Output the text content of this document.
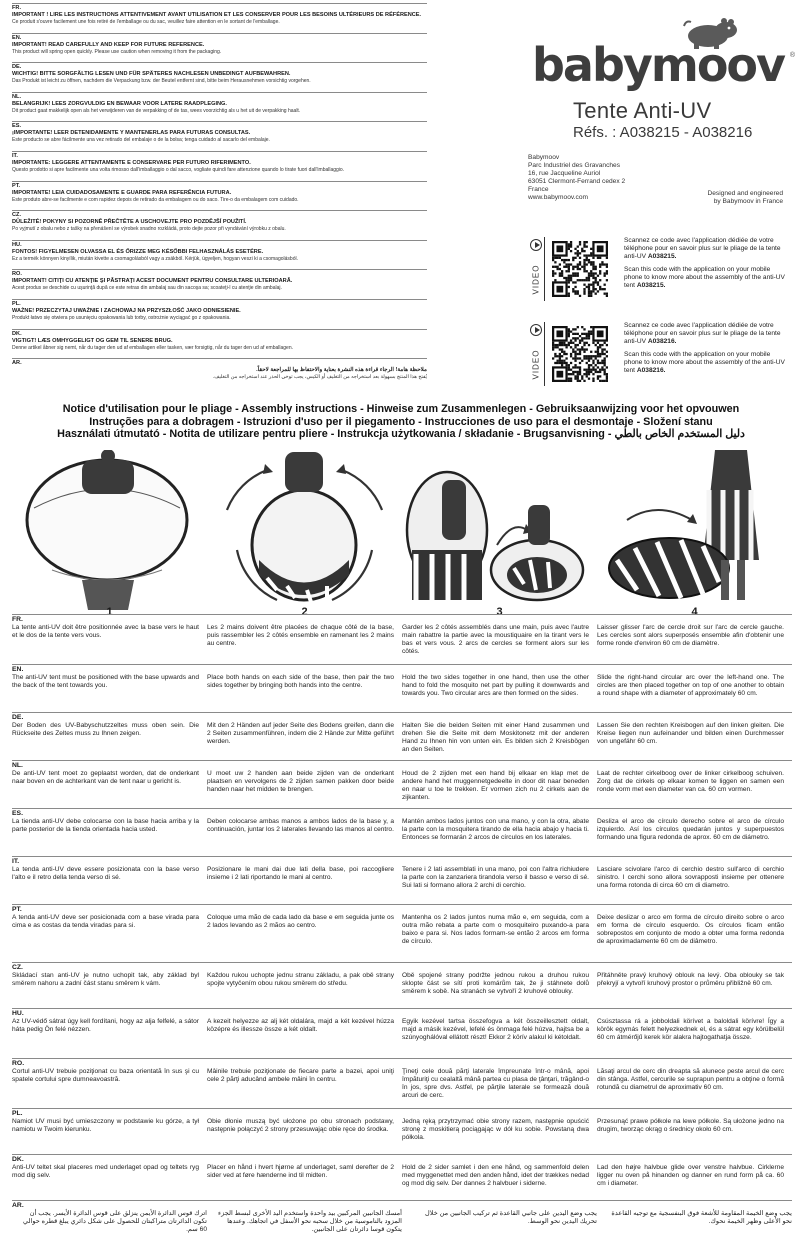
FR.
IMPORTANT ! LIRE LES INSTRUCTIONS ATTENTIVEMENT AVANT UTILISATION ET LES CONSERVER POUR LES BESOINS ULTÉRIEURS DE RÉFÉRENCE.
Ce produit s'ouvre facilement une fois retiré de l'emballage ou du sac, veuillez faire attention en le sortant de l'emballage.
EN.
IMPORTANT! READ CAREFULLY AND KEEP FOR FUTURE REFERENCE.
This product will spring open quickly. Please use caution when removing it from the packaging.
DE.
WICHTIG! BITTE SORGFÄLTIG LESEN UND FÜR SPÄTERES NACHLESEN UNBEDINGT AUFBEWAHREN.
Das Produkt ist leicht zu öffnen, nachdem die Verpackung bzw. der Beutel entfernt sind, bitte beim Herausnehmen vorsichtig vorgehen.
NL.
BELANGRIJK! LEES ZORGVULDIG EN BEWAAR VOOR LATERE RAADPLEGING.
Dit product gaat makkelijk open als het verwijderen van de verpakking of de tas, wees voorzichtig als u het uit de verpakking haalt.
ES.
¡IMPORTANTE! LEER DETENIDAMENTE Y MANTENERLAS PARA FUTURAS CONSULTAS.
Este producto se abre fácilmente una vez retirado del embalaje o de la bolsa; tenga cuidado al sacarlo del embalaje.
IT.
IMPORTANTE: LEGGERE ATTENTAMENTE E CONSERVARE PER FUTURO RIFERIMENTO.
Questo prodotto si apre facilmente una volta rimosso dall'imballaggio o dal sacco, vogliate quindi fare attenzione quando lo tirate fuori dall'imballaggio.
PT.
IMPORTANTE! LEIA CUIDADOSAMENTE E GUARDE PARA REFERÊNCIA FUTURA.
Este produto abre-se facilmente e com rapidez depois de retirado da embalagem ou do saco. Tire-o da embalagem com cuidado.
CZ.
DŮLEŽITÉ! POKYNY SI POZORNĚ PŘEČTĚTE A USCHOVEJTE PRO POZDĚJŠÍ POUŽITÍ.
Po vyjmutí z obalu nebo z tašky na přenášení se výrobek snadno rozkládá, proto dejte pozor při vyndávání výrobku z obalu.
HU.
FONTOS! FIGYELMESEN OLVASSA EL ÉS ŐRIZZE MEG KÉSŐBBI FELHASZNÁLÁS ESETÉRE.
Ez a termék könnyen kinyílik, miután kivette a csomagolásból vagy a zsákból. Kérjük, ügyeljen, hogyan veszi ki a csomagolásból.
RO.
IMPORTANT! CITIŢI CU ATENŢIE ŞI PĂSTRAŢI ACEST DOCUMENT PENTRU CONSULTARE ULTERIOARĂ.
Acest produs se deschide cu uşurinţă după ce este retras din ambalaj sau din sacoşa sa; scoateţi-l cu atenţie din ambalaj.
PL.
WAŻNE! PRZECZYTAJ UWAŻNIE I ZACHOWAJ NA PRZYSZŁOŚĆ JAKO ODNIESIENIE.
Produkt łatwo się otwiera po usunięciu opakowania lub torby, ostrożnie wyciągać go z opakowania.
DK.
VIGTIGT! LÆS OMHYGGELIGT OG GEM TIL SENERE BRUG.
Denne artikel åbner sig nemt, når du tager den ud af emballagen eller tasken, vær forsigtig, når du tager den ud af emballagen.
AR.
ملاحظة هامة! الرجاء قراءة هذه النشرة بعناية والاحتفاظ بها للمراجعة لاحقاً.
يُفتح هذا المنتج بسهولة بعد استخراجه من التغليف أو الكيس، يجب توخي الحذر عند استخراجه من التغليف.
babymoov ®
Tente Anti-UV
Réfs. : A038215 - A038216
Babymoov
Parc Industriel des Gravanches
16, rue Jacqueline Auriol
63051 Clermont-Ferrand cedex 2
France
www.babymoov.com
Designed and engineered
by Babymoov in France
VIDEO

Scannez ce code avec l'application dédiée de votre téléphone pour en savoir plus sur le pliage de la tente anti-UV A038215.

Scan this code with the application on your mobile phone to know more about the assembly of the anti-UV tent A038215.

VIDEO

Scannez ce code avec l'application dédiée de votre téléphone pour en savoir plus sur le pliage de la tente anti-UV A038216.

Scan this code with the application on your mobile phone to know more about the assembly of the anti-UV tent A038216.

Notice d'utilisation pour le pliage - Assembly instructions - Hinweise zum Zusammenlegen - Gebruiksaanwijzing voor het opvouwen
Instruções para a dobragem - Istruzioni d'uso per il piegamento - Instrucciones de uso para el desmontaje - Složení stanu
Használati útmutató - Notita de utilizare pentru pliere - Instrukcja użytkowania / składanie - Brugsanvisning - دليل المستخدم الخاص بالطي
1	2	3	4
FR.
La tente anti-UV doit être positionnée avec la base vers le haut et le dos de la tente vers vous.
Les 2 mains doivent être placées de chaque côté de la base, puis rassembler les 2 côtés ensemble en ramenant les 2 mains au centre.
Garder les 2 côtés assemblés dans une main, puis avec l'autre main rabattre la partie avec la moustiquaire en la tirant vers le bas et vers vous. 2 arcs de cercles se forment alors sur les côtés.
Laisser glisser l'arc de cercle droit sur l'arc de cercle gauche. Les cercles sont alors superposés ensemble afin d'obtenir une forme ronde d'environ 60 cm de diamètre.
EN.
The anti-UV tent must be positioned with the base upwards and the back of the tent towards you.
Place both hands on each side of the base, then pair the two sides together by bringing both hands into the centre.
Hold the two sides together in one hand, then use the other hand to fold the mosquito net part by pulling it downwards and towards you. Two circular arcs are then formed on the sides.
Slide the right-hand circular arc over the left-hand one. The circles are then placed together on top of one another to obtain a round shape with a diameter of approximately 60 cm.
DE.
Der Boden des UV-Babyschutzzeltes muss oben sein. Die Rückseite des Zeltes muss zu Ihnen zeigen.
Mit den 2 Händen auf jeder Seite des Bodens greifen, dann die 2 Seiten zusammenführen, indem die 2 Hände zur Mitte geführt werden.
Halten Sie die beiden Seiten mit einer Hand zusammen und drehen Sie die Seite mit dem Moskitonetz mit der anderen Hand zu Ihnen hin von unten ein. Es bilden sich 2 Kreisbögen an den Seiten.
Lassen Sie den rechten Kreisbogen auf den linken gleiten. Die Kreise liegen nun aufeinander und bilden einen Durchmesser von ungefähr 60 cm.
NL.
De anti-UV tent moet zo geplaatst worden, dat de onderkant naar boven en de achterkant van de tent naar u gericht is.
U moet uw 2 handen aan beide zijden van de onderkant plaatsen en vervolgens de 2 zijden samen pakken door beide handen naar het midden te brengen.
Houd de 2 zijden met een hand bij elkaar en klap met de andere hand het muggennetgedeelte in door dit naar beneden en naar u toe te trekken. Er vormen zich nu 2 cirkels aan de zijkanten.
Laat de rechter cirkelboog over de linker cirkelboog schuiven. Zorg dat de cirkels op elkaar komen te liggen en samen een ronde vorm met een diameter van ca. 60 cm vormen.
ES.
La tienda anti-UV debe colocarse con la base hacia arriba y la parte posterior de la tienda orientada hacia usted.
Deben colocarse ambas manos a ambos lados de la base y, a continuación, juntar los 2 laterales llevando las manos al centro.
Mantén ambos lados juntos con una mano, y con la otra, abate la parte con la mosquitera tirando de ella hacia abajo y hacia ti. Entonces se formarán 2 arcos de círculos en los laterales.
Desliza el arco de círculo derecho sobre el arco de círculo izquierdo. Así los círculos quedarán juntos y superpuestos formando una figura redonda de aprox. 60 cm de diámetro.
IT.
La tenda anti-UV deve essere posizionata con la base verso l'alto e il retro della tenda verso di sé.
Posizionare le mani dai due lati della base, poi raccogliere insieme i 2 lati riportando le mani al centro.
Tenere i 2 lati assemblati in una mano, poi con l'altra richiudere la parte con la zanzariera tirandola verso il basso e verso di sé. Sui lati si formano allora 2 archi di cerchio.
Lasciare scivolare l'arco di cerchio destro sull'arco di cerchio sinistro. I cerchi sono allora sovrapposti insieme per ottenere una forma rotonda di circa 60 cm di diametro.
PT.
A tenda anti-UV deve ser posicionada com a base virada para cima e as costas da tenda viradas para si.
Coloque uma mão de cada lado da base e em seguida junte os 2 lados levando as 2 mãos ao centro.
Mantenha os 2 lados juntos numa mão e, em seguida, com a outra mão rebata a parte com o mosquiteiro puxando-a para baixo e para si. Nos lados formam-se então 2 arcos em forma de círculo.
Deixe deslizar o arco em forma de círculo direito sobre o arco em forma de círculo esquerdo. Os círculos ficam então sobrepostos em conjunto de modo a obter uma forma redonda de aproximadamente 60 cm de diâmetro.
CZ.
Skládací stan anti-UV je nutno uchopit tak, aby základ byl směrem nahoru a zadní část stanu směrem k vám.
Každou rukou uchopte jednu stranu základu, a pak obě strany spojte vytyčením obou rukou směrem do středu.
Obě spojené strany podržte jednou rukou a druhou rukou sklopte část se sítí proti komárům tak, že ji stáhnete dolů směrem k sobě. Na stranách se vytvoří 2 kruhové oblouky.
Přitáhněte pravý kruhový oblouk na levý. Oba oblouky se tak překryjí a vytvoří kruhový prostor o průměru přibližně 60 cm.
HU.
Az UV-védő sátrat úgy kell fordítani, hogy az alja felfelé, a sátor háta pedig Ön felé nézzen.
A kezeit helyezze az alj két oldalára, majd a két kezével húzza középre és illessze össze a két oldalt.
Egyik kezével tartsa összefogva a két összeillesztett oldalt, majd a másik kezével, lefelé és önmaga felé húzva, hajtsa be a szúnyoghálóval ellátott részt! Ekkor 2 körív alakul ki kétoldalt.
Csúsztassa rá a jobboldali körívet a baloldali körívre! Így a körök egymás felett helyezkednek el, és a sátrat egy körülbelül 60 cm átmérőjű kerek kör alakra hajtogathatja össze.
RO.
Cortul anti-UV trebuie poziţionat cu baza orientată în sus şi cu spatele cortului spre dumneavoastră.
Mâinile trebuie poziţionate de fiecare parte a bazei, apoi uniţi cele 2 părţi aducând ambele mâini în centru.
Ţineţi cele două părţi laterale împreunate într-o mână, apoi împăturiţi cu cealaltă mână partea cu plasa de ţânţari, trăgând-o în jos, spre dvs. Astfel, pe părţile laterale se formează două arcuri de cerc.
Lăsaţi arcul de cerc din dreapta să alunece peste arcul de cerc din stânga. Astfel, cercurile se suprapun pentru a obţine o formă rotundă cu diametrul de aproximativ 60 cm.
PL.
Namiot UV musi być umieszczony w podstawie ku górze, a tył namiotu w Twoim kierunku.
Obie dłonie muszą być ułożone po obu stronach podstawy, następnie połączyć 2 strony przesuwając obie ręce do środka.
Jedną ręką przytrzymać obie strony razem, następnie opuścić stronę z moskitierą pociągając w dół ku sobie. Powstaną dwa półkola.
Przesunąć prawe półkole na lewe półkole. Są ułożone jedno na drugim, tworząc okrąg o średnicy około 60 cm.
DK.
Anti-UV teltet skal placeres med underlaget opad og teltets ryg mod dig selv.
Placer en hånd i hvert hjørne af underlaget, saml derefter de 2 sider ved at føre hænderne ind til midten.
Hold de 2 sider samlet i den ene hånd, og sammenfold delen med myggenettet med den anden hånd, idet der trækkes nedad og mod dig selv. Der dannes 2 halvbuer i siderne.
Lad den højre halvbue glide over venstre halvbue. Cirklerne ligger nu oven på hinanden og danner en rund form på ca. 60 cm i diameter.
AR.
يجب وضع الخيمة المقاومة للأشعة فوق البنفسجية مع توجيه القاعدة نحو الأعلى وظهر الخيمة نحوك.
يجب وضع اليدين على جانبي القاعدة ثم تركيب الجانبين من خلال تحريك اليدين نحو الوسط.
أمسك الجانبين المركبين بيد واحدة واستخدم اليد الأخرى لبسط الجزء المزود بالناموسية من خلال سحبه نحو الأسفل في اتجاهك. وعندها يتكون قوسا دائرتان على الجانبين.
اترك قوس الدائرة الأيمن ينزلق على قوس الدائرة الأيسر. يجب أن تكون الدائرتان متراكبتان للحصول على شكل دائري يبلغ قطره حوالي 60 سم.
